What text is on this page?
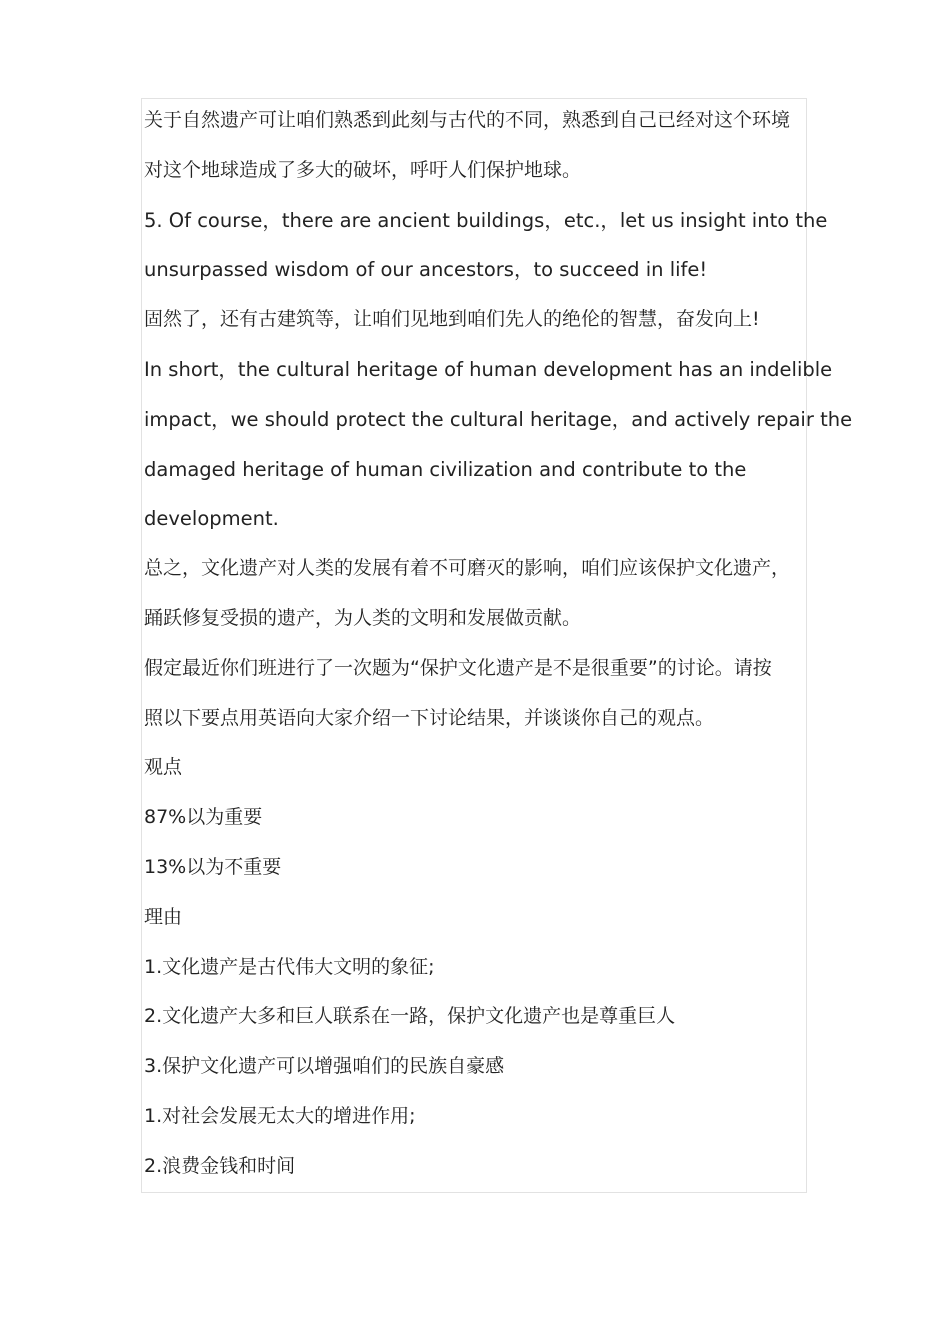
关于自然遗产可让咱们熟悉到此刻与古代的不同，熟悉到自己已经对这个环境
对这个地球造成了多大的破坏，呼吁人们保护地球。
5. Of course，there are ancient buildings，etc.，let us insight into the
unsurpassed wisdom of our ancestors，to succeed in life!
固然了，还有古建筑等，让咱们见地到咱们先人的绝伦的智慧，奋发向上!
In short，the cultural heritage of human development has an indelible
impact，we should protect the cultural heritage，and actively repair the
damaged heritage of human civilization and contribute to the
development.
总之，文化遗产对人类的发展有着不可磨灭的影响，咱们应该保护文化遗产，
踊跃修复受损的遗产，为人类的文明和发展做贡献。
假定最近你们班进行了一次题为“保护文化遗产是不是很重要”的讨论。请按
照以下要点用英语向大家介绍一下讨论结果，并谈谈你自己的观点。
观点
87%以为重要
13%以为不重要
理由
1.文化遗产是古代伟大文明的象征;
2.文化遗产大多和巨人联系在一路，保护文化遗产也是尊重巨人
3.保护文化遗产可以增强咱们的民族自豪感
1.对社会发展无太大的增进作用;
2.浪费金钱和时间
